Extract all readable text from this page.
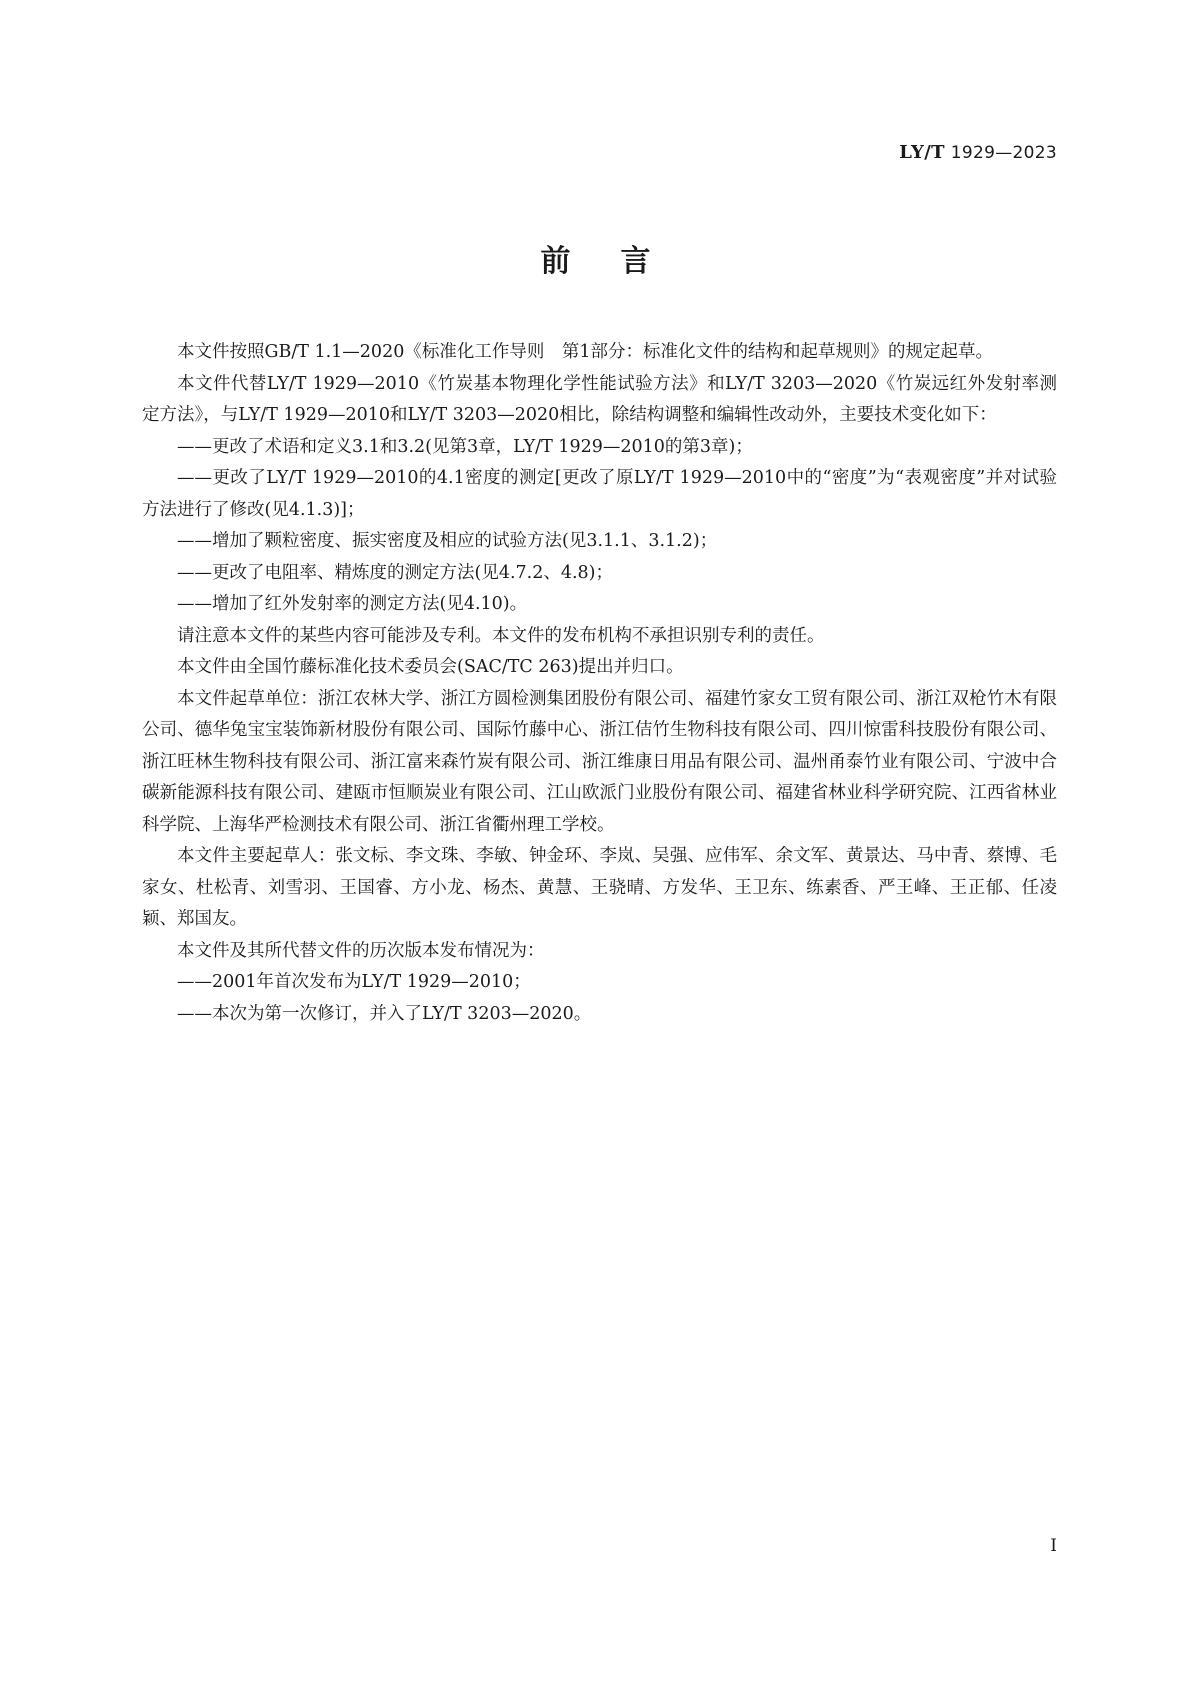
LY/T 1929—2023
前言

本文件按照GB/T 1.1—2020《标准化工作导则　第1部分：标准化文件的结构和起草规则》的规定起草。

本文件代替LY/T 1929—2010《竹炭基本物理化学性能试验方法》和LY/T 3203—2020《竹炭远红外发射率测定方法》，与LY/T 1929—2010和LY/T 3203—2020相比，除结构调整和编辑性改动外，主要技术变化如下：

——更改了术语和定义3.1和3.2(见第3章，LY/T 1929—2010的第3章)；

——更改了LY/T 1929—2010的4.1密度的测定[更改了原LY/T 1929—2010中的“密度”为“表观密度”并对试验方法进行了修改(见4.1.3)]；

——增加了颗粒密度、振实密度及相应的试验方法(见3.1.1、3.1.2)；

——更改了电阻率、精炼度的测定方法(见4.7.2、4.8)；

——增加了红外发射率的测定方法(见4.10)。

请注意本文件的某些内容可能涉及专利。本文件的发布机构不承担识别专利的责任。

本文件由全国竹藤标准化技术委员会(SAC/TC 263)提出并归口。

本文件起草单位：浙江农林大学、浙江方圆检测集团股份有限公司、福建竹家女工贸有限公司、浙江双枪竹木有限公司、德华兔宝宝装饰新材股份有限公司、国际竹藤中心、浙江佶竹生物科技有限公司、四川惊雷科技股份有限公司、浙江旺林生物科技有限公司、浙江富来森竹炭有限公司、浙江维康日用品有限公司、温州甬泰竹业有限公司、宁波中合碳新能源科技有限公司、建瓯市恒顺炭业有限公司、江山欧派门业股份有限公司、福建省林业科学研究院、江西省林业科学院、上海华严检测技术有限公司、浙江省衢州理工学校。

本文件主要起草人：张文标、李文珠、李敏、钟金环、李岚、吴强、应伟军、余文军、黄景达、马中青、蔡博、毛家女、杜松青、刘雪羽、王国睿、方小龙、杨杰、黄慧、王骁晴、方发华、王卫东、练素香、严王峰、王正郁、任凌颖、郑国友。

本文件及其所代替文件的历次版本发布情况为：

——2001年首次发布为LY/T 1929—2010；

——本次为第一次修订，并入了LY/T 3203—2020。

I
